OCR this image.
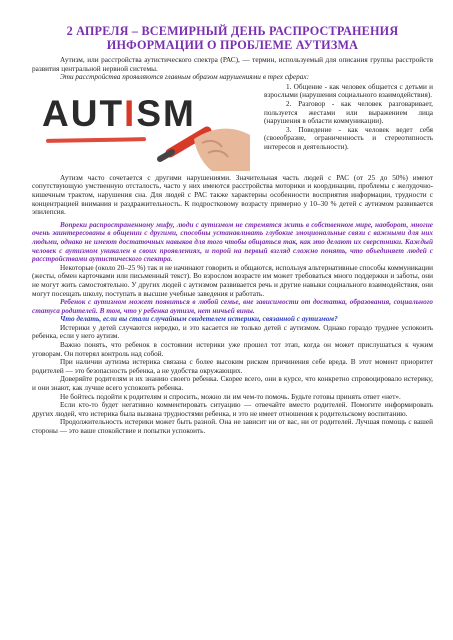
2 АПРЕЛЯ – ВСЕМИРНЫЙ ДЕНЬ РАСПРОСТРАНЕНИЯ
ИНФОРМАЦИИ О ПРОБЛЕМЕ АУТИЗМА

Аутизм, или расстройства аутистического спектра (РАС), — термин, используемый для описания группы расстройств развития центральной нервной системы.

Эти расстройства проявляются главным образом нарушениями в трех сферах:

AUTISM

1. Общение - как человек общается с детьми и взрослыми (нарушения социального взаимодействия).

2. Разговор - как человек разговаривает, пользуется жестами или выражением лица (нарушения в области коммуникации).

3. Поведение - как человек ведет себя (своеобразие, ограниченность и стереотипность интересов и деятельности).

Аутизм часто сочетается с другими нарушениями. Значительная часть людей с РАС (от 25 до 50%) имеют сопутствующую умственную отсталость, часто у них имеются расстройства моторики и координации, проблемы с желудочно-кишечным трактом, нарушения сна. Для людей с РАС также характерны особенности восприятия информации, трудности с концентрацией внимания и раздражительность. К подростковому возрасту примерно у 10–30 % детей с аутизмом развивается эпилепсия.

Вопреки распространенному мифу, люди с аутизмом не стремятся жить в собственном мире, наоборот, многие очень заинтересованы в общении с другими, способны устанавливать глубокие эмоциональные связи с важными для них людьми, однако не имеют достаточных навыков для того чтобы общаться так, как это делают их сверстники. Каждый человек с аутизмом уникален в своих проявлениях, и порой на первый взгляд сложно понять, что объединяет людей с расстройствами аутистического спектра.

Некоторые (около 20–25 %) так и не начинают говорить и общаются, используя альтернативные способы коммуникации (жесты, обмен карточками или письменный текст). Во взрослом возрасте им может требоваться много поддержки и заботы, они не могут жить самостоятельно. У других людей с аутизмом развивается речь и другие навыки социального взаимодействия, они могут посещать школу, поступать в высшие учебные заведения и работать.

Ребенок с аутизмом может появиться в любой семье, вне зависимости от достатка, образования, социального статуса родителей. В том, что у ребенка аутизм, нет ничьей вины.

Что делать, если вы стали случайным свидетелем истерики, связанной с аутизмом?

Истерики у детей случаются нередко, и это касается не только детей с аутизмом. Однако гораздо труднее успокоить ребенка, если у него аутизм.

Важно понять, что ребенок в состоянии истерики уже прошел тот этап, когда он может прислушаться к чужим уговорам. Он потерял контроль над собой.

При наличии аутизма истерика связана с более высоким риском причинения себе вреда. В этот момент приоритет родителей — это безопасность ребенка, а не удобства окружающих.

Доверяйте родителям и их знанию своего ребенка. Скорее всего, они в курсе, что конкретно спровоцировало истерику, и они знают, как лучше всего успокоить ребенка.

Не бойтесь подойти к родителям и спросить, можно ли им чем-то помочь. Будьте готовы принять ответ «нет».

Если кто-то будет негативно комментировать ситуацию — отвечайте вместо родителей. Помогите информировать других людей, что истерика была вызвана трудностями ребенка, и это не имеет отношения к родительскому воспитанию.

Продолжительность истерики может быть разной. Она не зависит ни от вас, ни от родителей. Лучшая помощь с вашей стороны — это ваше спокойствие и попытки успокоить.
